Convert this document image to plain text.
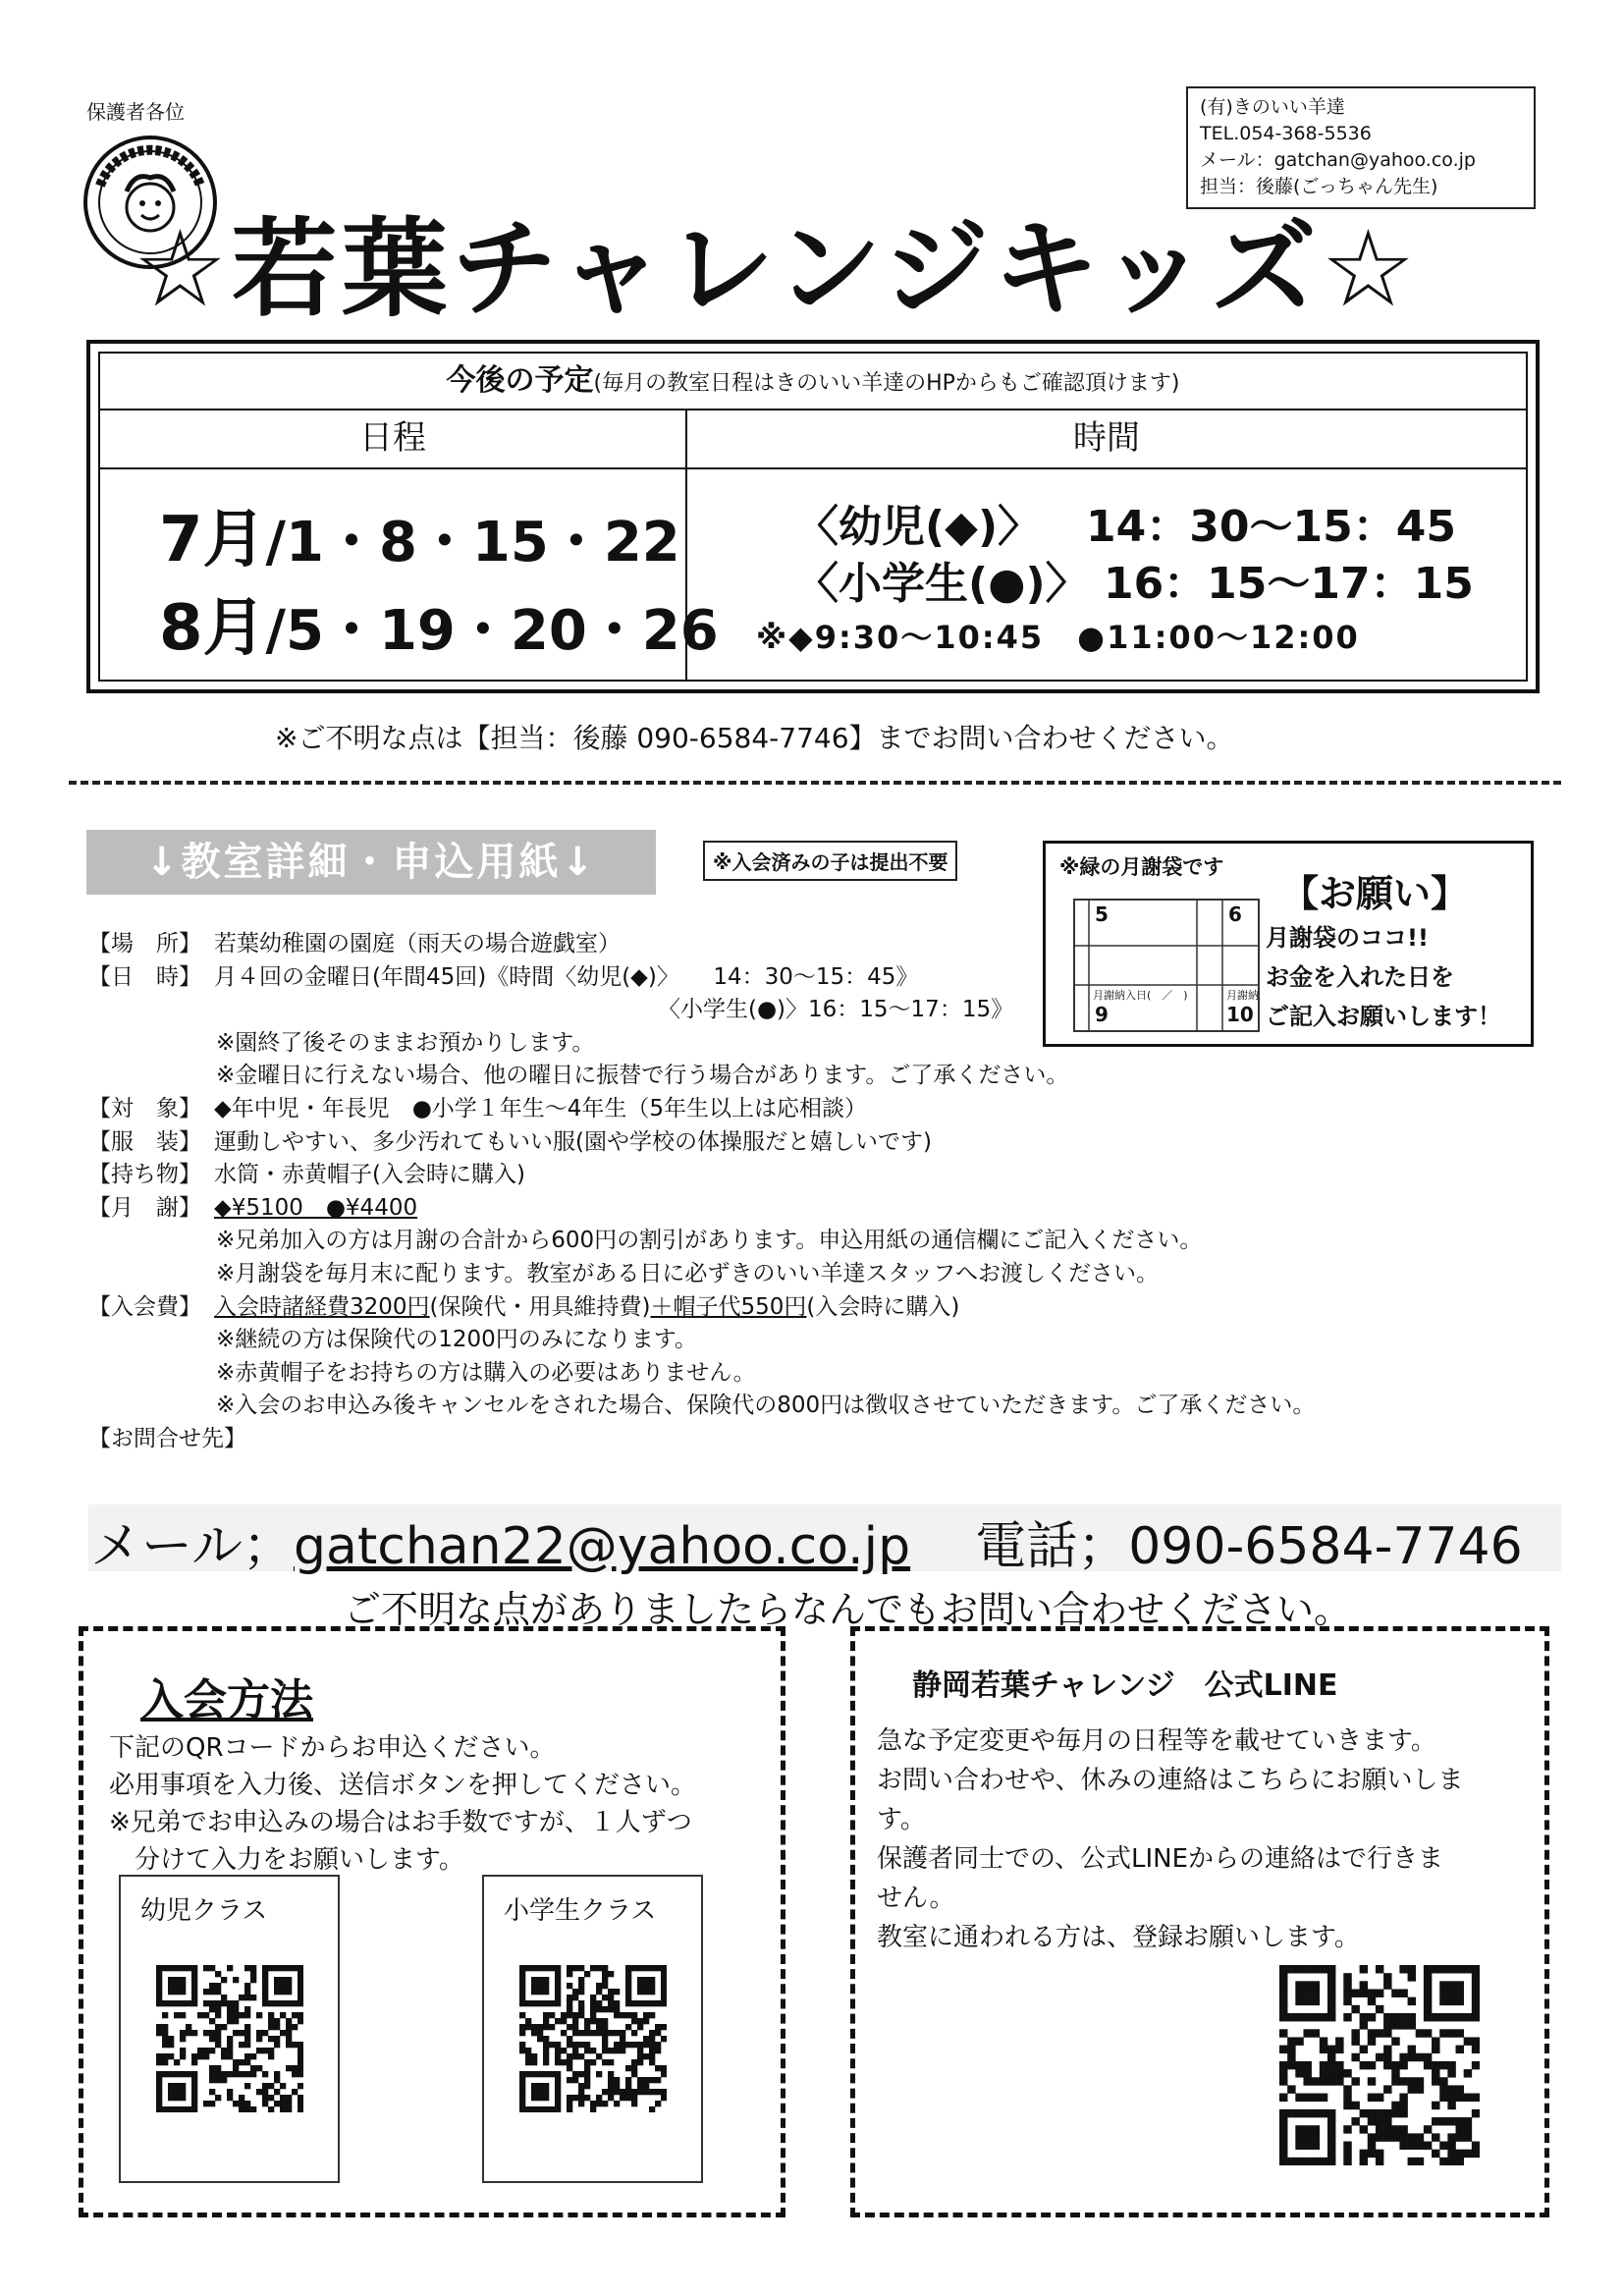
保護者各位	(有)きのいい羊達
TEL.054-368-5536
メール：gatchan@yahoo.co.jp
担当：後藤(ごっちゃん先生)
☆若葉チャレンジキッズ☆
今後の予定(毎月の教室日程はきのいい羊達のHPからもご確認頂けます)
日程	時間
7月/1・8・15・22
8月/5・19・20・26
〈幼児(◆)〉 14：30〜15：45
〈小学生(●)〉 16：15〜17：15
※◆9:30〜10:45　●11:00〜12:00
※ご不明な点は【担当：後藤 090-6584-7746】までお問い合わせください。
↓教室詳細・申込用紙↓	※入会済みの子は提出不要	※緑の月謝袋です
5	6
9	10
月謝納入日(　／　)	月謝納
【お願い】
月謝袋のココ!!
お金を入れた日を
ご記入お願いします！
【場　所】 若葉幼稚園の園庭（雨天の場合遊戯室）
【日　時】 月４回の金曜日(年間45回)《時間〈幼児(◆)〉　　14：30〜15：45》
〈小学生(●)〉16：15〜17：15》
※園終了後そのままお預かりします。
※金曜日に行えない場合、他の曜日に振替で行う場合があります。ご了承ください。
【対　象】 ◆年中児・年長児　●小学１年生〜4年生（5年生以上は応相談）
【服　装】 運動しやすい、多少汚れてもいい服(園や学校の体操服だと嬉しいです)
【持ち物】 水筒・赤黄帽子(入会時に購入)
【月　謝】 ◆¥5100　●¥4400
※兄弟加入の方は月謝の合計から600円の割引があります。申込用紙の通信欄にご記入ください。
※月謝袋を毎月末に配ります。教室がある日に必ずきのいい羊達スタッフへお渡しください。
【入会費】 入会時諸経費3200円(保険代・用具維持費)＋帽子代550円(入会時に購入)
※継続の方は保険代の1200円のみになります。
※赤黄帽子をお持ちの方は購入の必要はありません。
※入会のお申込み後キャンセルをされた場合、保険代の800円は徴収させていただきます。ご了承ください。
【お問合せ先】
メール；gatchan22@yahoo.co.jp 電話；090-6584-7746
ご不明な点がありましたらなんでもお問い合わせください。
入会方法
下記のQRコードからお申込ください。
必用事項を入力後、送信ボタンを押してください。
※兄弟でお申込みの場合はお手数ですが、１人ずつ
　分けて入力をお願いします。
幼児クラス	小学生クラス
静岡若葉チャレンジ　公式LINE
急な予定変更や毎月の日程等を載せていきます。
お問い合わせや、休みの連絡はこちらにお願いしま
す。
保護者同士での、公式LINEからの連絡はで行きま
せん。
教室に通われる方は、登録お願いします。
